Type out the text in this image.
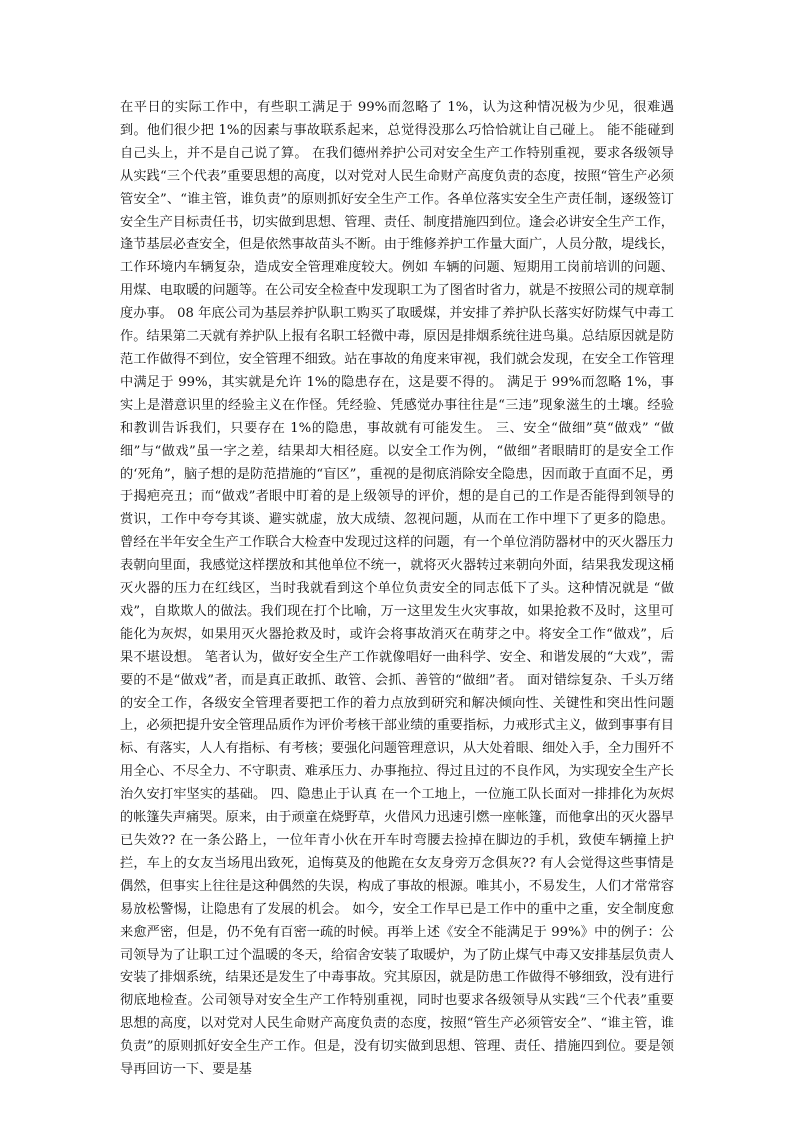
在平日的实际工作中，有些职工满足于 99%而忽略了 1%，认为这种情况极为少见，很难遇到。他们很少把 1%的因素与事故联系起来，总觉得没那么巧恰恰就让自己碰上。 能不能碰到自己头上，并不是自己说了算。 在我们德州养护公司对安全生产工作特别重视，要求各级领导从实践“三个代表”重要思想的高度，以对党对人民生命财产高度负责的态度，按照“管生产必须管安全”、“谁主管，谁负责”的原则抓好安全生产工作。各单位落实安全生产责任制，逐级签订安全生产目标责任书，切实做到思想、管理、责任、制度措施四到位。逢会必讲安全生产工作，逢节基层必查安全，但是依然事故苗头不断。由于维修养护工作量大面广，人员分散，堤线长，工作环境内车辆复杂，造成安全管理难度较大。例如 车辆的问题、短期用工岗前培训的问题、用煤、电取暖的问题等。在公司安全检查中发现职工为了图省时省力，就是不按照公司的规章制度办事。 08 年底公司为基层养护队职工购买了取暖煤，并安排了养护队长落实好防煤气中毒工作。结果第二天就有养护队上报有名职工轻微中毒，原因是排烟系统往进鸟巢。总结原因就是防范工作做得不到位，安全管理不细致。站在事故的角度来审视，我们就会发现，在安全工作管理中满足于 99%，其实就是允许 1%的隐患存在，这是要不得的。 满足于 99%而忽略 1%，事实上是潜意识里的经验主义在作怪。凭经验、凭感觉办事往往是“三违”现象滋生的土壤。经验和教训告诉我们，只要存在 1%的隐患，事故就有可能发生。 三、安全“做细”莫“做戏” “做细”与“做戏”虽一字之差，结果却大相径庭。以安全工作为例，“做细”者眼睛盯的是安全工作的‘死角”，脑子想的是防范措施的“盲区”，重视的是彻底消除安全隐患，因而敢于直面不足，勇于揭疤亮丑；而“做戏”者眼中盯着的是上级领导的评价，想的是自己的工作是否能得到领导的赏识，工作中夸夸其谈、避实就虚，放大成绩、忽视问题，从而在工作中埋下了更多的隐患。 曾经在半年安全生产工作联合大检查中发现过这样的问题，有一个单位消防器材中的灭火器压力表朝向里面，我感觉这样摆放和其他单位不统一，就将灭火器转过来朝向外面，结果我发现这桶灭火器的压力在红线区，当时我就看到这个单位负责安全的同志低下了头。这种情况就是 “做戏”，自欺欺人的做法。我们现在打个比喻，万一这里发生火灾事故，如果抢救不及时，这里可能化为灰烬，如果用灭火器抢救及时，或许会将事故消灭在萌芽之中。将安全工作“做戏”，后果不堪设想。 笔者认为，做好安全生产工作就像唱好一曲科学、安全、和谐发展的“大戏”，需要的不是“做戏”者，而是真正敢抓、敢管、会抓、善管的“做细”者。 面对错综复杂、千头万绪的安全工作，各级安全管理者要把工作的着力点放到研究和解决倾向性、关键性和突出性问题上，必须把提升安全管理品质作为评价考核干部业绩的重要指标，力戒形式主义，做到事事有目标、有落实，人人有指标、有考核；要强化问题管理意识，从大处着眼、细处入手，全力围歼不用全心、不尽全力、不守职责、难承压力、办事拖拉、得过且过的不良作风，为实现安全生产长治久安打牢坚实的基础。 四、隐患止于认真 在一个工地上，一位施工队长面对一排排化为灰烬的帐篷失声痛哭。原来，由于顽童在烧野草，火借风力迅速引燃一座帐篷，而他拿出的灭火器早已失效?? 在一条公路上，一位年青小伙在开车时弯腰去捡掉在脚边的手机，致使车辆撞上护拦，车上的女友当场甩出致死，追悔莫及的他跪在女友身旁万念俱灰?? 有人会觉得这些事情是偶然，但事实上往往是这种偶然的失误，构成了事故的根源。唯其小，不易发生，人们才常常容易放松警惕，让隐患有了发展的机会。 如今，安全工作早已是工作中的重中之重，安全制度愈来愈严密，但是，仍不免有百密一疏的时候。再举上述《安全不能满足于 99%》中的例子：公司领导为了让职工过个温暖的冬天，给宿舍安装了取暖炉，为了防止煤气中毒又安排基层负责人安装了排烟系统，结果还是发生了中毒事故。究其原因，就是防患工作做得不够细致，没有进行彻底地检查。公司领导对安全生产工作特别重视，同时也要求各级领导从实践“三个代表”重要思想的高度，以对党对人民生命财产高度负责的态度，按照“管生产必须管安全”、“谁主管，谁负责”的原则抓好安全生产工作。但是，没有切实做到思想、管理、责任、措施四到位。要是领导再回访一下、要是基
